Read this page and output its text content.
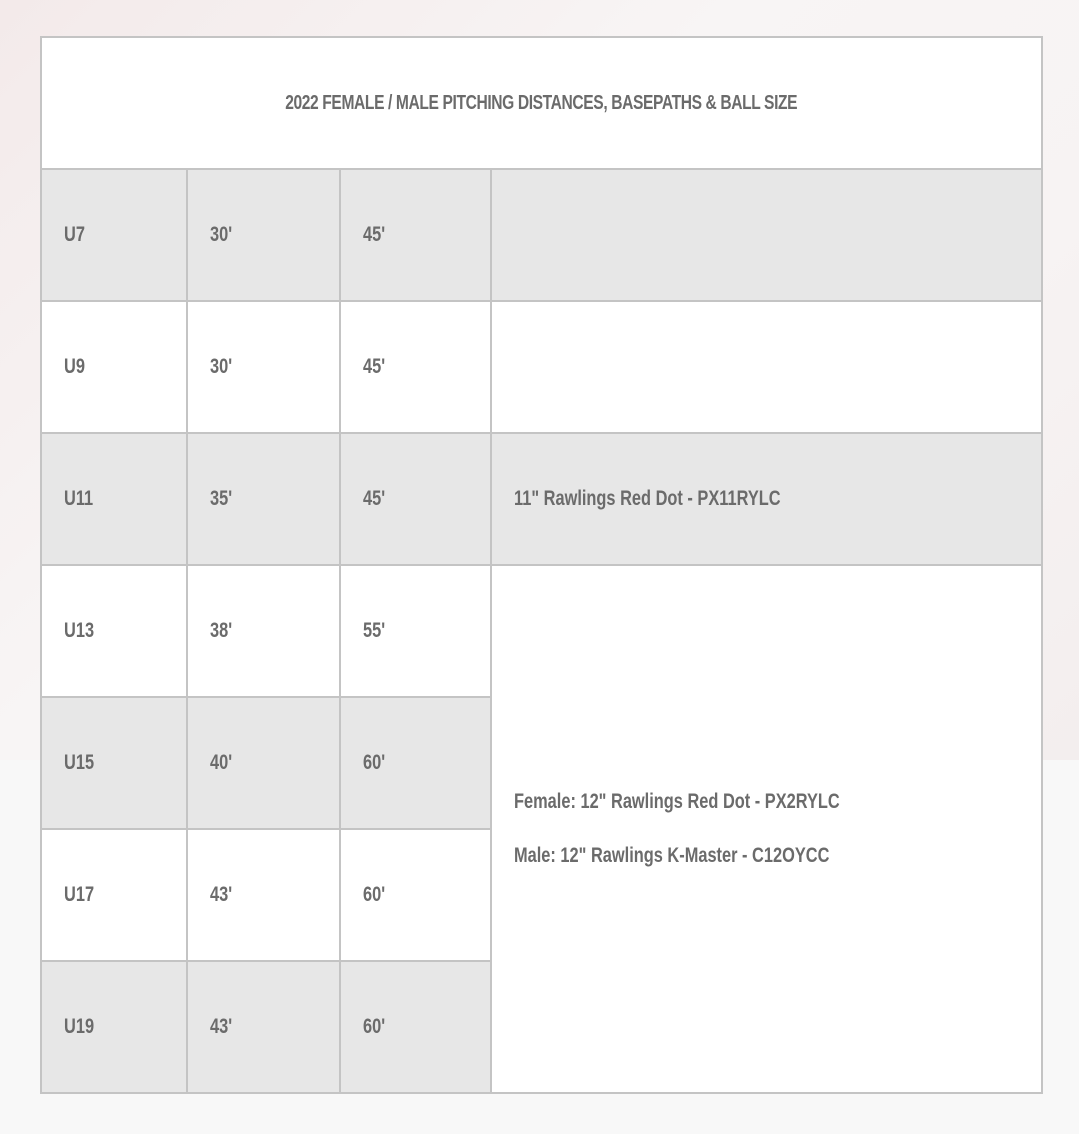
2022 FEMALE / MALE PITCHING DISTANCES, BASEPATHS & BALL SIZE			
U7	30'	45'	
U9	30'	45'	
U11	35'	45'	11" Rawlings Red Dot - PX11RYLC
U13	38'	55'	Female: 12" Rawlings Red Dot - PX2RYLC
Male: 12" Rawlings K-Master - C12OYCC

U15	40'	60'	
U17	43'	60'	
U19	43'	60'	
